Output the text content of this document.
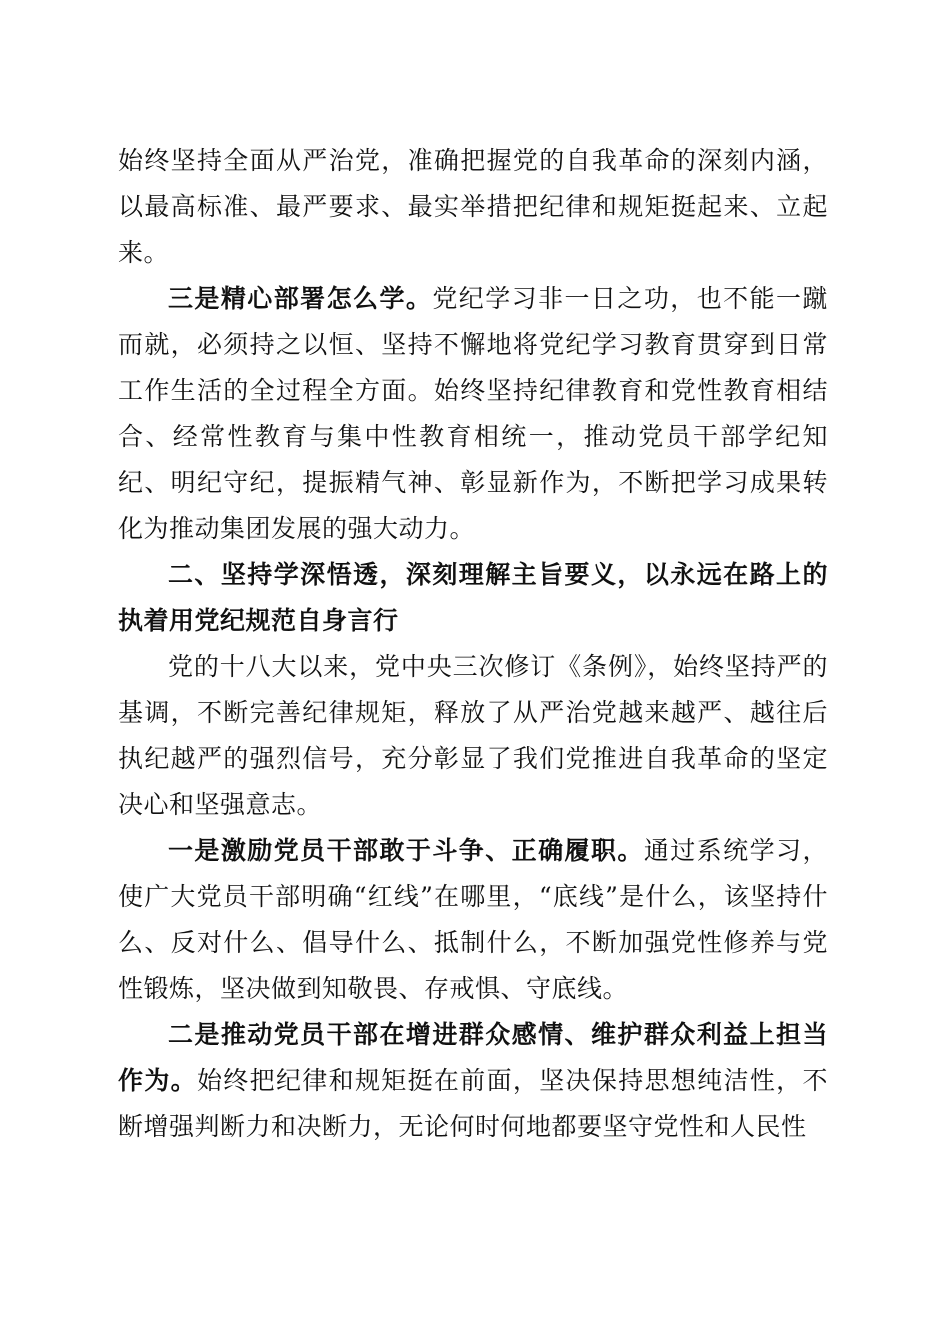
始终坚持全面从严治党，准确把握党的自我革命的深刻内涵，以最高标准、最严要求、最实举措把纪律和规矩挺起来、立起来。

三是精心部署怎么学。党纪学习非一日之功，也不能一蹴而就，必须持之以恒、坚持不懈地将党纪学习教育贯穿到日常工作生活的全过程全方面。始终坚持纪律教育和党性教育相结合、经常性教育与集中性教育相统一，推动党员干部学纪知纪、明纪守纪，提振精气神、彰显新作为，不断把学习成果转化为推动集团发展的强大动力。

二、坚持学深悟透，深刻理解主旨要义，以永远在路上的执着用党纪规范自身言行

党的十八大以来，党中央三次修订《条例》，始终坚持严的基调，不断完善纪律规矩，释放了从严治党越来越严、越往后执纪越严的强烈信号，充分彰显了我们党推进自我革命的坚定决心和坚强意志。

一是激励党员干部敢于斗争、正确履职。通过系统学习，使广大党员干部明确“红线”在哪里，“底线”是什么，该坚持什么、反对什么、倡导什么、抵制什么，不断加强党性修养与党性锻炼，坚决做到知敬畏、存戒惧、守底线。

二是推动党员干部在增进群众感情、维护群众利益上担当作为。始终把纪律和规矩挺在前面，坚决保持思想纯洁性，不断增强判断力和决断力，无论何时何地都要坚守党性和人民性
